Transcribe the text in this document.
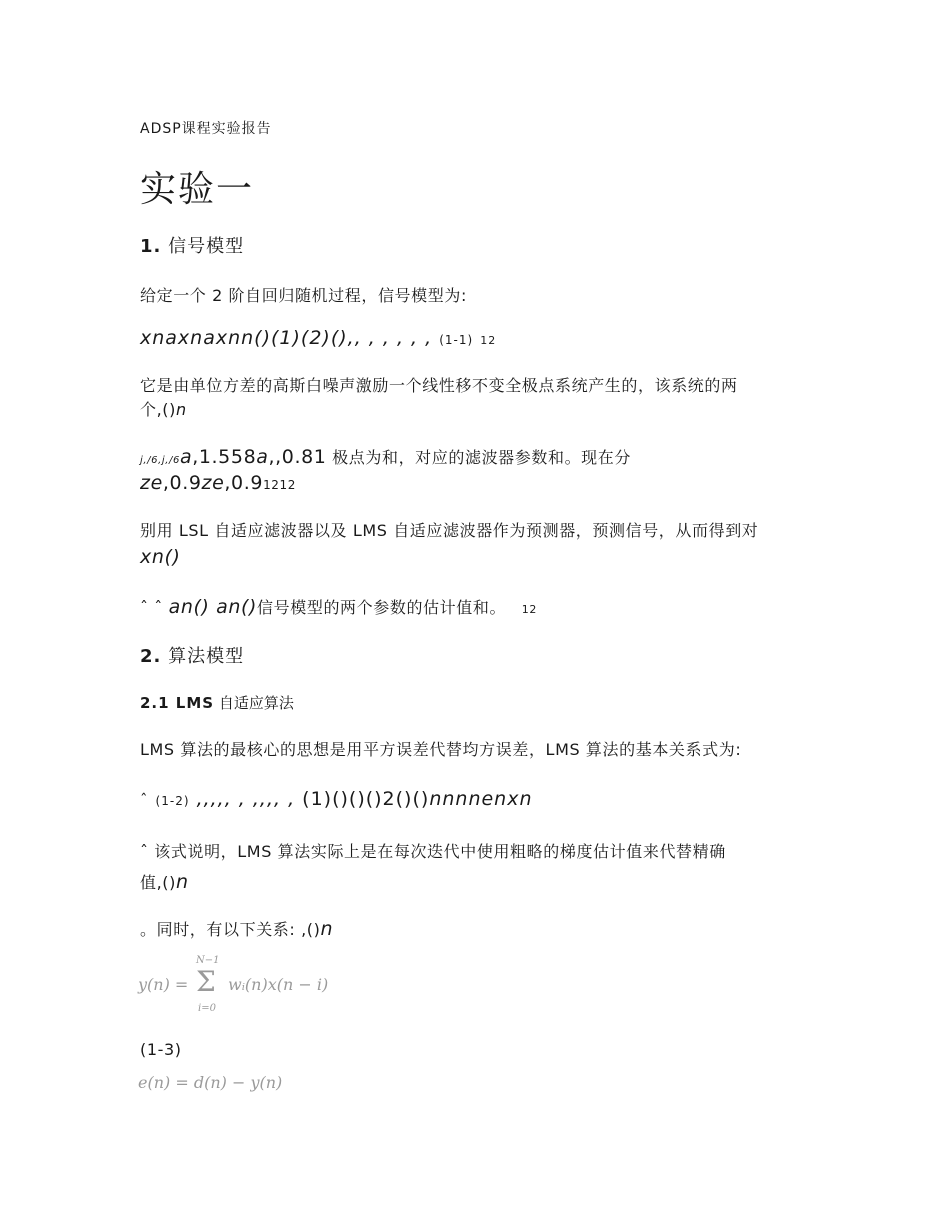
ADSP课程实验报告
实验一
1. 信号模型
给定一个 2 阶自回归随机过程，信号模型为:
xnaxnaxnn()(1)(2)(),, , , , , , (1-1) 12
它是由单位方差的高斯白噪声激励一个线性移不变全极点系统产生的，该系统的两
个,()n
j,/6,j,/6a,1.558a,,0.81 极点为和，对应的滤波器参数和。现在分
ze,0.9ze,0.91212
别用 LSL 自适应滤波器以及 LMS 自适应滤波器作为预测器，预测信号，从而得到对
xn()
ˆ ˆ an() an()信号模型的两个参数的估计值和。 12
2. 算法模型
2.1 LMS 自适应算法
LMS 算法的最核心的思想是用平方误差代替均方误差，LMS 算法的基本关系式为:
ˆ (1-2) ,,,,, , ,,,, , (1)()()()2()()nnnnenxn
ˆ 该式说明，LMS 算法实际上是在每次迭代中使用粗略的梯度估计值来代替精确
值,()n
。同时，有以下关系: ,()n
y(n) =
N−1
Σ
i=0
wᵢ(n)x(n − i)
(1-3)
e(n) = d(n) − y(n)
